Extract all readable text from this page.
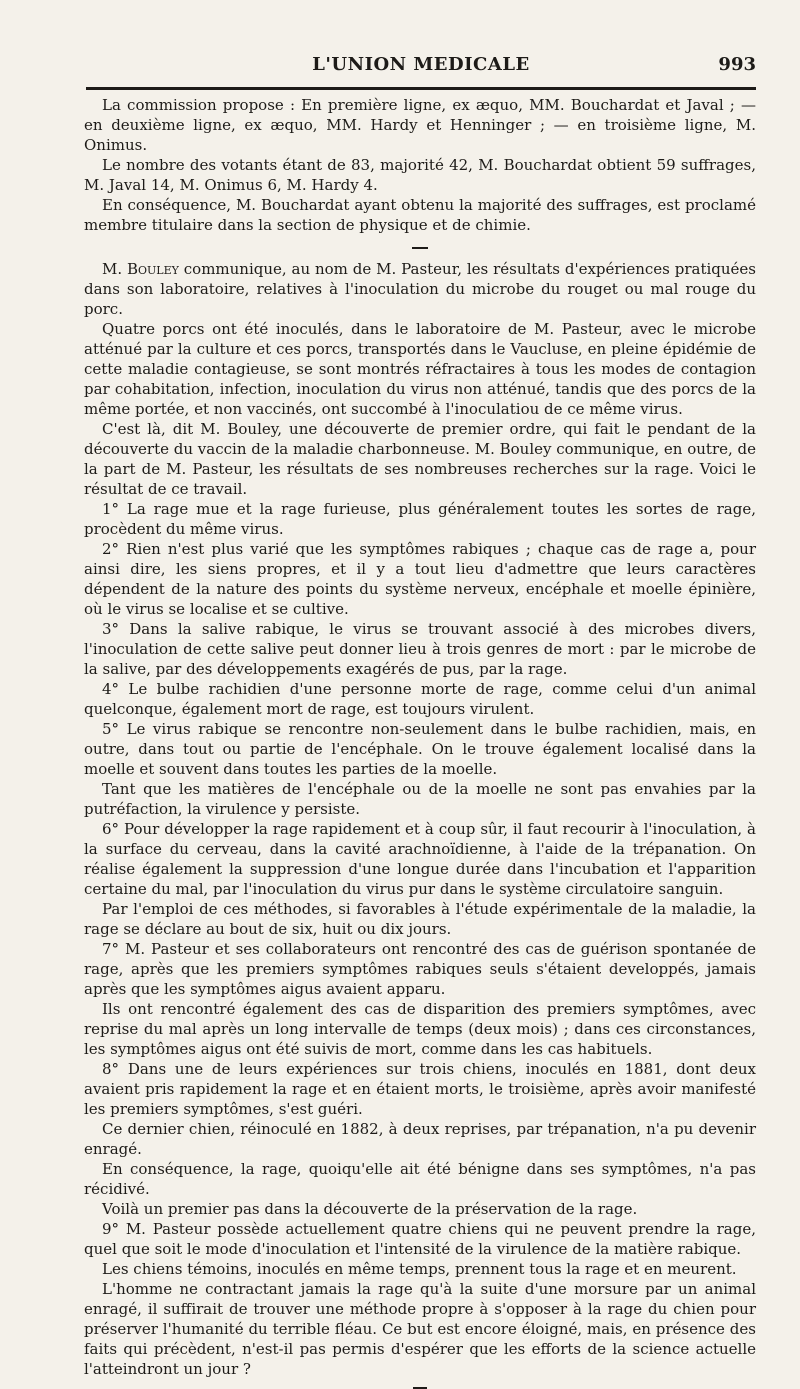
L'UNION MEDICALE	993

La commission propose : En première ligne, ex æquo, MM. Bouchardat et Javal ; — en deuxième ligne, ex æquo, MM. Hardy et Henninger ; — en troisième ligne, M. Onimus.

Le nombre des votants étant de 83, majorité 42, M. Bouchardat obtient 59 suffrages, M. Javal 14, M. Onimus 6, M. Hardy 4.

En conséquence, M. Bouchardat ayant obtenu la majorité des suffrages, est proclamé membre titulaire dans la section de physique et de chimie.

M. Bouley communique, au nom de M. Pasteur, les résultats d'expériences pratiquées dans son laboratoire, relatives à l'inoculation du microbe du rouget ou mal rouge du porc.

Quatre porcs ont été inoculés, dans le laboratoire de M. Pasteur, avec le microbe atténué par la culture et ces porcs, transportés dans le Vaucluse, en pleine épidémie de cette maladie contagieuse, se sont montrés réfractaires à tous les modes de contagion par cohabitation, infection, inoculation du virus non atténué, tandis que des porcs de la même portée, et non vaccinés, ont succombé à l'inoculatiou de ce même virus.

C'est là, dit M. Bouley, une découverte de premier ordre, qui fait le pendant de la découverte du vaccin de la maladie charbonneuse. M. Bouley communique, en outre, de la part de M. Pasteur, les résultats de ses nombreuses recherches sur la rage. Voici le résultat de ce travail.

1° La rage mue et la rage furieuse, plus généralement toutes les sortes de rage, procèdent du même virus.

2° Rien n'est plus varié que les symptômes rabiques ; chaque cas de rage a, pour ainsi dire, les siens propres, et il y a tout lieu d'admettre que leurs caractères dépendent de la nature des points du système nerveux, encéphale et moelle épinière, où le virus se localise et se cultive.

3° Dans la salive rabique, le virus se trouvant associé à des microbes divers, l'inoculation de cette salive peut donner lieu à trois genres de mort : par le microbe de la salive, par des développements exagérés de pus, par la rage.

4° Le bulbe rachidien d'une personne morte de rage, comme celui d'un animal quelconque, également mort de rage, est toujours virulent.

5° Le virus rabique se rencontre non-seulement dans le bulbe rachidien, mais, en outre, dans tout ou partie de l'encéphale. On le trouve également localisé dans la moelle et souvent dans toutes les parties de la moelle.

Tant que les matières de l'encéphale ou de la moelle ne sont pas envahies par la putréfaction, la virulence y persiste.

6° Pour développer la rage rapidement et à coup sûr, il faut recourir à l'inoculation, à la surface du cerveau, dans la cavité arachnoïdienne, à l'aide de la trépanation. On réalise également la suppression d'une longue durée dans l'incubation et l'apparition certaine du mal, par l'inoculation du virus pur dans le système circulatoire sanguin.

Par l'emploi de ces méthodes, si favorables à l'étude expérimentale de la maladie, la rage se déclare au bout de six, huit ou dix jours.

7° M. Pasteur et ses collaborateurs ont rencontré des cas de guérison spontanée de rage, après que les premiers symptômes rabiques seuls s'étaient developpés, jamais après que les symptômes aigus avaient apparu.

Ils ont rencontré également des cas de disparition des premiers symptômes, avec reprise du mal après un long intervalle de temps (deux mois) ; dans ces circonstances, les symptômes aigus ont été suivis de mort, comme dans les cas habituels.

8° Dans une de leurs expériences sur trois chiens, inoculés en 1881, dont deux avaient pris rapidement la rage et en étaient morts, le troisième, après avoir manifesté les premiers symptômes, s'est guéri.

Ce dernier chien, réinoculé en 1882, à deux reprises, par trépanation, n'a pu devenir enragé.

En conséquence, la rage, quoiqu'elle ait été bénigne dans ses symptômes, n'a pas récidivé.

Voilà un premier pas dans la découverte de la préservation de la rage.

9° M. Pasteur possède actuellement quatre chiens qui ne peuvent prendre la rage, quel que soit le mode d'inoculation et l'intensité de la virulence de la matière rabique.

Les chiens témoins, inoculés en même temps, prennent tous la rage et en meurent.

L'homme ne contractant jamais la rage qu'à la suite d'une morsure par un animal enragé, il suffirait de trouver une méthode propre à s'opposer à la rage du chien pour préserver l'humanité du terrible fléau. Ce but est encore éloigné, mais, en présence des faits qui précèdent, n'est-il pas permis d'espérer que les efforts de la science actuelle l'atteindront un jour ?
